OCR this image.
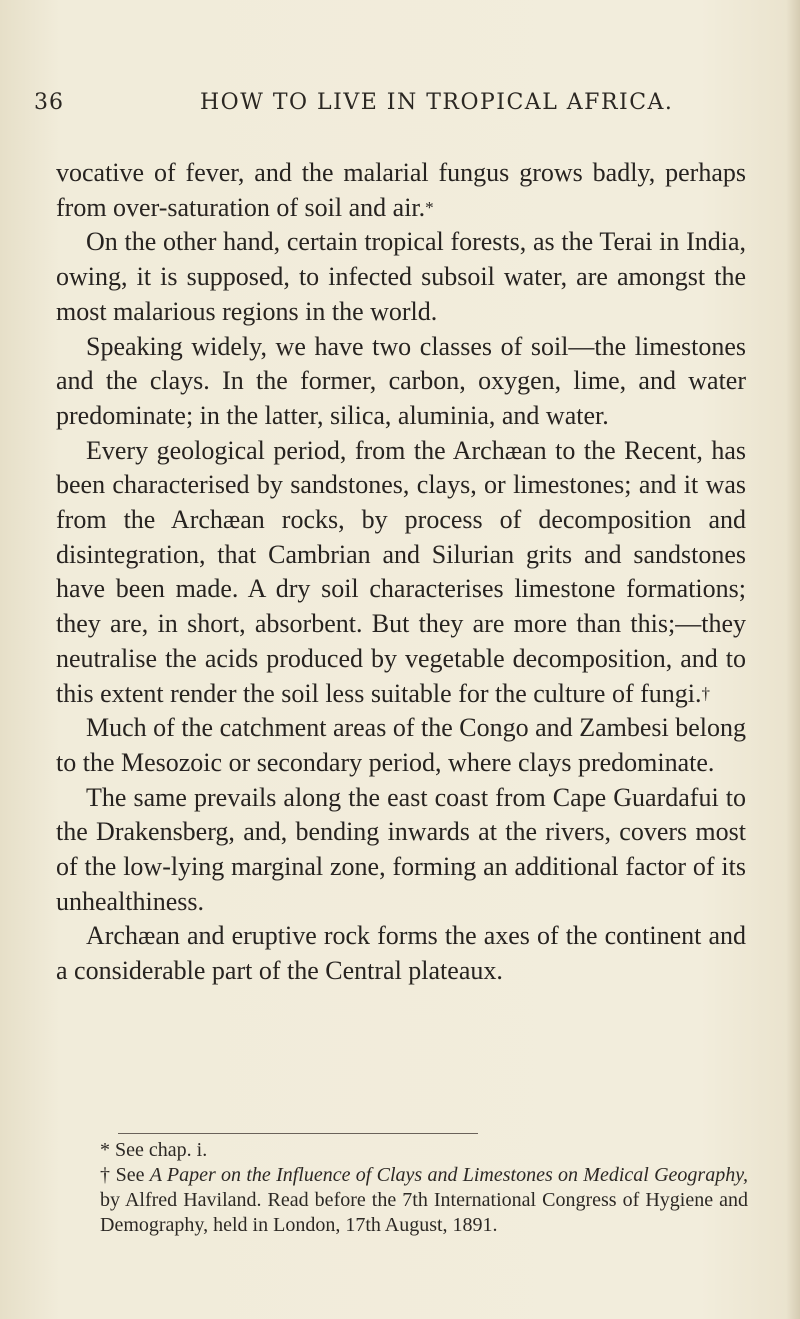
36	HOW TO LIVE IN TROPICAL AFRICA.

vocative of fever, and the malarial fungus grows badly, perhaps from over-saturation of soil and air.*

On the other hand, certain tropical forests, as the Terai in India, owing, it is supposed, to infected subsoil water, are amongst the most malarious regions in the world.

Speaking widely, we have two classes of soil—the limestones and the clays. In the former, carbon, oxygen, lime, and water predominate; in the latter, silica, aluminia, and water.

Every geological period, from the Archæan to the Recent, has been characterised by sandstones, clays, or limestones; and it was from the Archæan rocks, by process of decomposition and disintegration, that Cambrian and Silurian grits and sandstones have been made. A dry soil characterises limestone formations; they are, in short, absorbent. But they are more than this;—they neutralise the acids produced by vegetable decomposition, and to this extent render the soil less suitable for the culture of fungi.†

Much of the catchment areas of the Congo and Zambesi belong to the Mesozoic or secondary period, where clays predominate.

The same prevails along the east coast from Cape Guardafui to the Drakensberg, and, bending inwards at the rivers, covers most of the low-lying marginal zone, forming an additional factor of its unhealthiness.

Archæan and eruptive rock forms the axes of the continent and a considerable part of the Central plateaux.

* See chap. i.

† See A Paper on the Influence of Clays and Limestones on Medical Geography, by Alfred Haviland. Read before the 7th International Congress of Hygiene and Demography, held in London, 17th August, 1891.
